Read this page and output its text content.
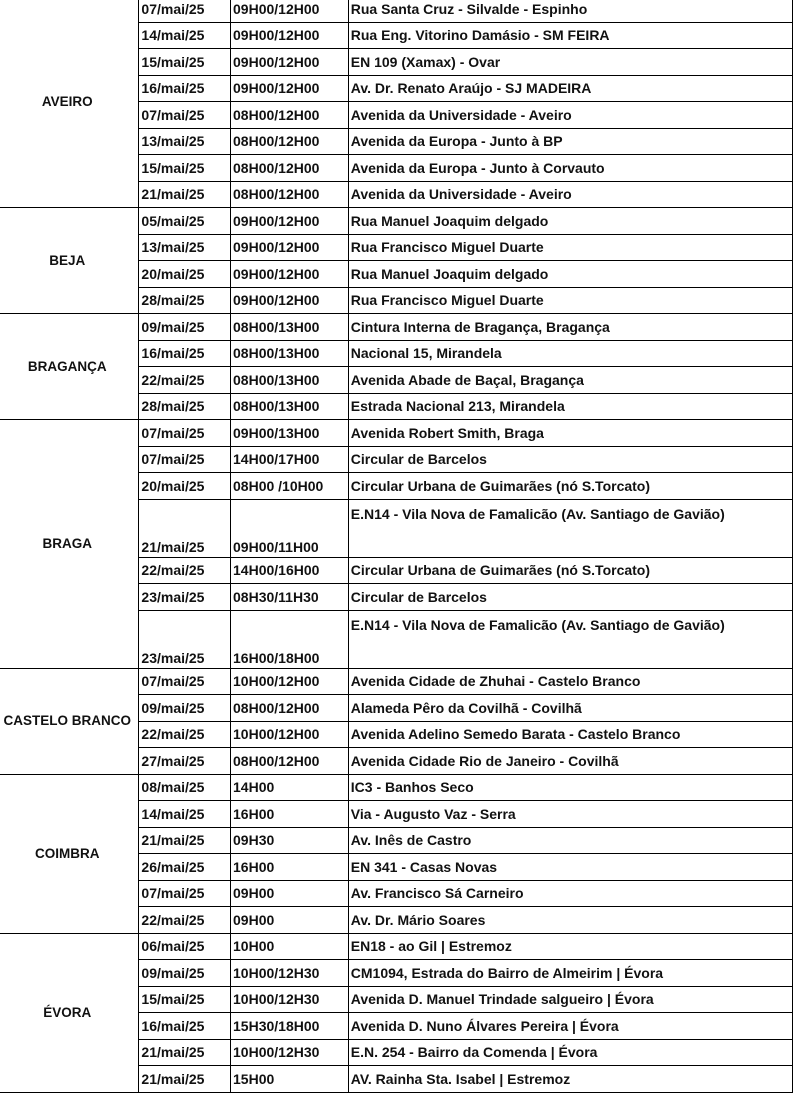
AVEIRO	07/mai/25	09H00/12H00	Rua Santa Cruz - Silvalde - Espinho
	14/mai/25	09H00/12H00	Rua Eng. Vitorino Damásio - SM FEIRA
	15/mai/25	09H00/12H00	EN 109 (Xamax) - Ovar
	16/mai/25	09H00/12H00	Av. Dr. Renato Araújo - SJ MADEIRA
	07/mai/25	08H00/12H00	Avenida da Universidade - Aveiro
	13/mai/25	08H00/12H00	Avenida da Europa - Junto à BP
	15/mai/25	08H00/12H00	Avenida da Europa - Junto à Corvauto
	21/mai/25	08H00/12H00	Avenida da Universidade - Aveiro
BEJA	05/mai/25	09H00/12H00	Rua Manuel Joaquim delgado
	13/mai/25	09H00/12H00	Rua Francisco Miguel Duarte
	20/mai/25	09H00/12H00	Rua Manuel Joaquim delgado
	28/mai/25	09H00/12H00	Rua Francisco Miguel Duarte
BRAGANÇA	09/mai/25	08H00/13H00	Cintura Interna de Bragança, Bragança
	16/mai/25	08H00/13H00	Nacional 15, Mirandela
	22/mai/25	08H00/13H00	Avenida Abade de Baçal, Bragança
	28/mai/25	08H00/13H00	Estrada Nacional 213, Mirandela
BRAGA	07/mai/25	09H00/13H00	Avenida Robert Smith, Braga
	07/mai/25	14H00/17H00	Circular de Barcelos
	20/mai/25	08H00 /10H00	Circular Urbana de Guimarães (nó S.Torcato)
	21/mai/25	09H00/11H00	E.N14 - Vila Nova de Famalicão (Av. Santiago de Gavião)
	22/mai/25	14H00/16H00	Circular Urbana de Guimarães (nó S.Torcato)
	23/mai/25	08H30/11H30	Circular de Barcelos
	23/mai/25	16H00/18H00	E.N14 - Vila Nova de Famalicão (Av. Santiago de Gavião)
CASTELO BRANCO	07/mai/25	10H00/12H00	Avenida Cidade de Zhuhai - Castelo Branco
	09/mai/25	08H00/12H00	Alameda Pêro da Covilhã - Covilhã
	22/mai/25	10H00/12H00	Avenida Adelino Semedo Barata - Castelo Branco
	27/mai/25	08H00/12H00	Avenida Cidade Rio de Janeiro - Covilhã
COIMBRA	08/mai/25	14H00	IC3 - Banhos Seco
	14/mai/25	16H00	Via - Augusto Vaz - Serra
	21/mai/25	09H30	Av. Inês de Castro
	26/mai/25	16H00	EN 341 - Casas Novas
	07/mai/25	09H00	Av. Francisco Sá Carneiro
	22/mai/25	09H00	Av. Dr. Mário Soares
ÉVORA	06/mai/25	10H00	EN18 - ao Gil | Estremoz
	09/mai/25	10H00/12H30	CM1094, Estrada do Bairro de Almeirim | Évora
	15/mai/25	10H00/12H30	Avenida D. Manuel Trindade salgueiro | Évora
	16/mai/25	15H30/18H00	Avenida D. Nuno Álvares Pereira | Évora
	21/mai/25	10H00/12H30	E.N. 254 - Bairro da Comenda | Évora
	21/mai/25	15H00	AV. Rainha Sta. Isabel | Estremoz
